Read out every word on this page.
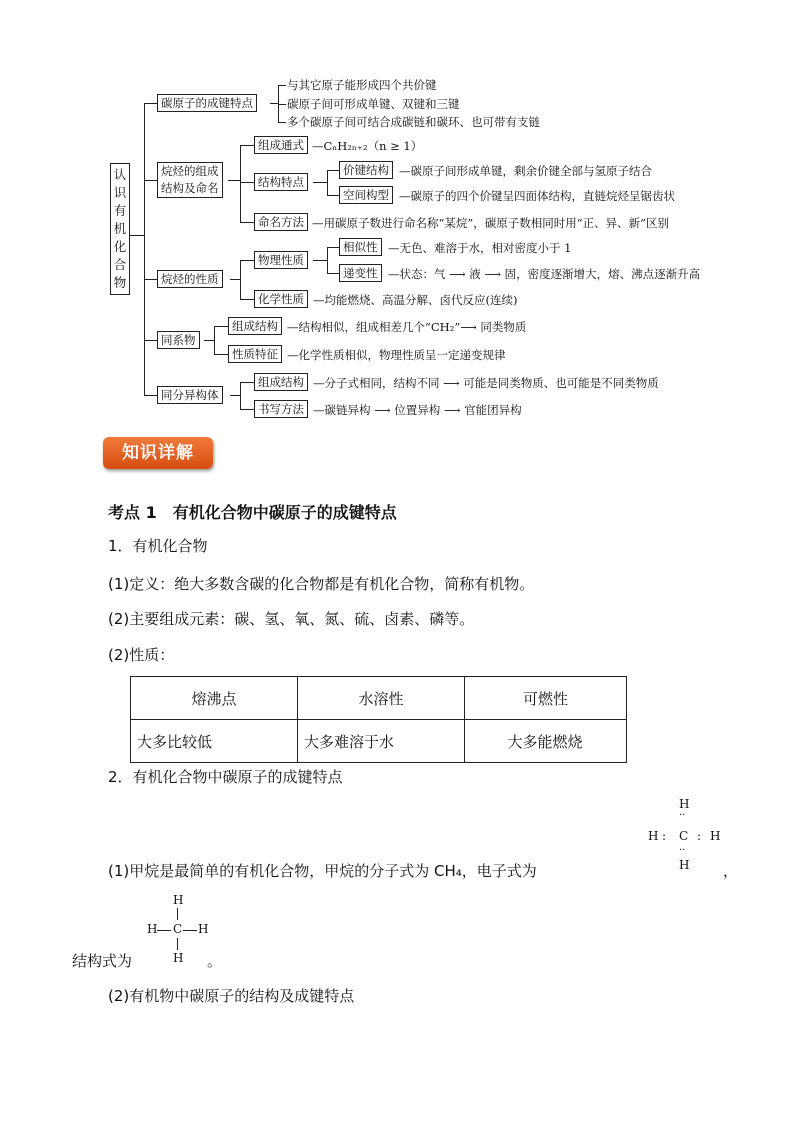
认
识
有
机
化
合
物
碳原子的成键特点
与其它原子能形成四个共价键
碳原子间可形成单键、双键和三键
多个碳原子间可结合成碳链和碳环、也可带有支链
烷烃的组成
结构及命名
组成通式 —CₙH₂ₙ₊₂（n ≥ 1）
结构特点
价键结构 —碳原子间形成单键，剩余价键全部与氢原子结合
空间构型 —碳原子的四个价键呈四面体结构，直链烷烃呈锯齿状
命名方法 —用碳原子数进行命名称“某烷”，碳原子数相同时用“正、异、新”区别
烷烃的性质
物理性质
相似性 —无色、难溶于水，相对密度小于 1
递变性 —状态：气 ⟶ 液 ⟶ 固，密度逐渐增大，熔、沸点逐渐升高
化学性质 —均能燃烧、高温分解、卤代反应(连续)
同系物
组成结构 —结构相似，组成相差几个“CH₂”⟶ 同类物质
性质特征 —化学性质相似，物理性质呈一定递变规律
同分异构体
组成结构 —分子式相同，结构不同 ⟶ 可能是同类物质、也可能是不同类物质
书写方法 —碳链异构 ⟶ 位置异构 ⟶ 官能团异构
知识详解
考点 1　有机化合物中碳原子的成键特点
1．有机化合物
(1)定义：绝大多数含碳的化合物都是有机化合物，简称有机物。
(2)主要组成元素：碳、氢、氧、氮、硫、卤素、磷等。
(2)性质：
熔沸点	水溶性	可燃性
大多比较低	大多难溶于水	大多能燃烧
2．有机化合物中碳原子的成键特点
H
··
H : C : H
··
H
(1)甲烷是最简单的有机化合物，甲烷的分子式为 CH₄，电子式为	，
H
H C H
H
结构式为	。
(2)有机物中碳原子的结构及成键特点
